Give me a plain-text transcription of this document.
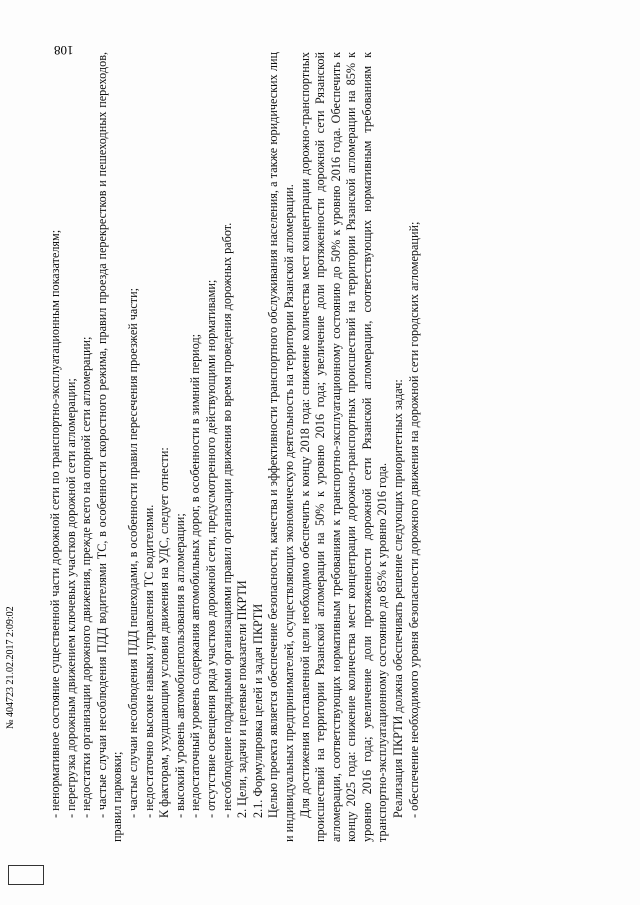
108

- ненормативное состояние существенной части дорожной сети по транспортно-эксплуатационным показателям; - перегрузка дорожным движением ключевых участков дорожной сети агломерации; - недостатки организации дорожного движения, прежде всего на опорной сети агломерации; - частые случаи несоблюдения ПДД водителями ТС, в особенности скоростного режима, правил проезда перекрестков и пешеходных переходов, правил парковки; - частые случаи несоблюдения ПДД пешеходами, в особенности правил пересечения проезжей части; - недостаточно высокие навыки управления ТС водителями. К факторам, ухудшающим условия движения на УДС, следует отнести: - высокий уровень автомобилепользования в агломерации; - недостаточный уровень содержания автомобильных дорог, в особенности в зимний период; - отсутствие освещения ряда участков дорожной сети, предусмотренного действующими нормативами; - несоблюдение подрядными организациями правил организации движения во время проведения дорожных работ. 2. Цели, задачи и целевые показатели ПКРТИ 2.1. Формулировка целей и задач ПКРТИ Целью проекта является обеспечение безопасности, качества и эффективности транспортного обслуживания населения, а также юридических лиц и индивидуальных предпринимателей, осуществляющих экономическую деятельность на территории Рязанской агломерации. Для достижения поставленной цели необходимо обеспечить к концу 2018 года: снижение количества мест концентрации дорожно-транспортных происшествий на территории Рязанской агломерации на 50% к уровню 2016 года; увеличение доли протяженности дорожной сети Рязанской агломерации, соответствующих нормативным требованиям к транспортно-эксплуатационному состоянию до 50% к уровню 2016 года. Обеспечить к концу 2025 года: снижение количества мест концентрации дорожно-транспортных происшествий на территории Рязанской агломерации на 85% к уровню 2016 года; увеличение доли протяженности дорожной сети Рязанской агломерации, соответствующих нормативным требованиям к транспортно-эксплуатационному состоянию до 85% к уровню 2016 года. Реализация ПКРТИ должна обеспечивать решение следующих приоритетных задач: - обеспечение необходимого уровня безопасности дорожного движения на дорожной сети городских агломераций;

№ 404723 21.02.2017 2:09:02
